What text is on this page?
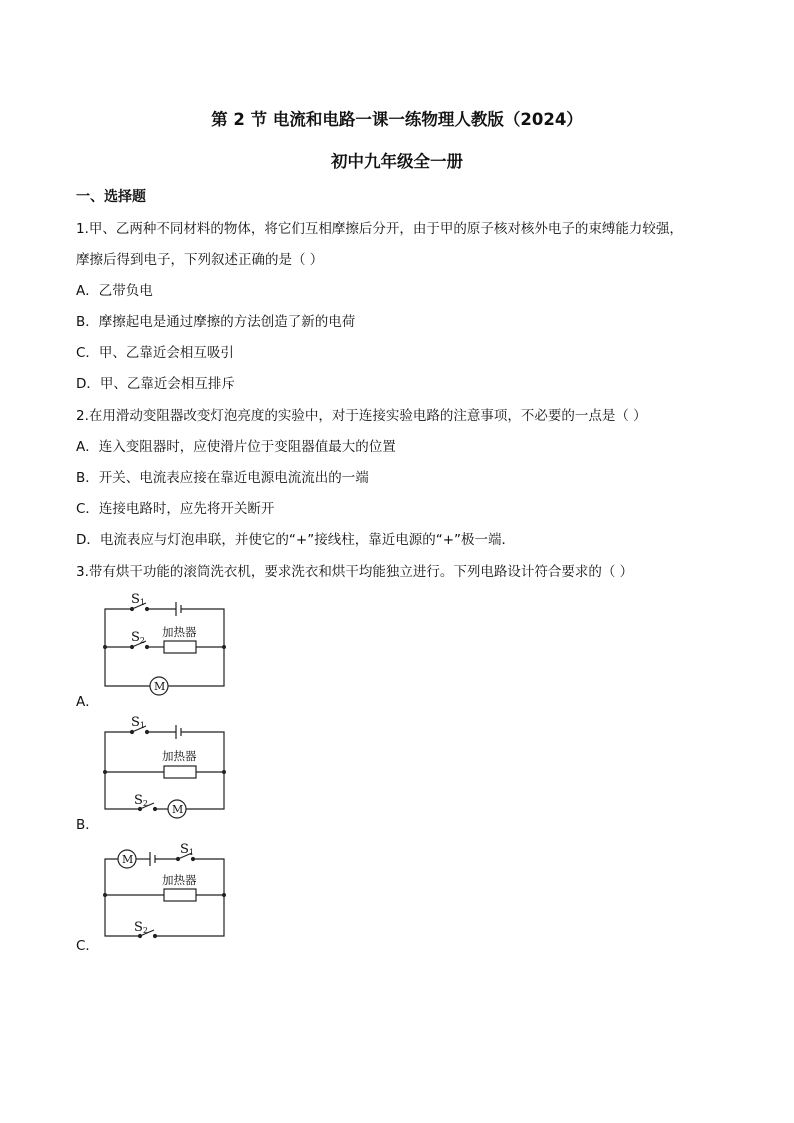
第 2 节 电流和电路一课一练物理人教版（2024）
初中九年级全一册
一、选择题
1.甲、乙两种不同材料的物体，将它们互相摩擦后分开，由于甲的原子核对核外电子的束缚能力较强，
摩擦后得到电子，下列叙述正确的是（ ）
A．乙带负电
B．摩擦起电是通过摩擦的方法创造了新的电荷
C．甲、乙靠近会相互吸引
D．甲、乙靠近会相互排斥
2.在用滑动变阻器改变灯泡亮度的实验中，对于连接实验电路的注意事项，不必要的一点是（ ）
A．连入变阻器时，应使滑片位于变阻器值最大的位置
B．开关、电流表应接在靠近电源电流流出的一端
C．连接电路时，应先将开关断开
D．电流表应与灯泡串联，并使它的“+”接线柱，靠近电源的“+”极一端．
3.带有烘干功能的滚筒洗衣机，要求洗衣和烘干均能独立进行。下列电路设计符合要求的（ ）
S1
S2
加热器
M
A．
S1
加热器
S2 M
B．
M
S1
加热器
S2
C．
